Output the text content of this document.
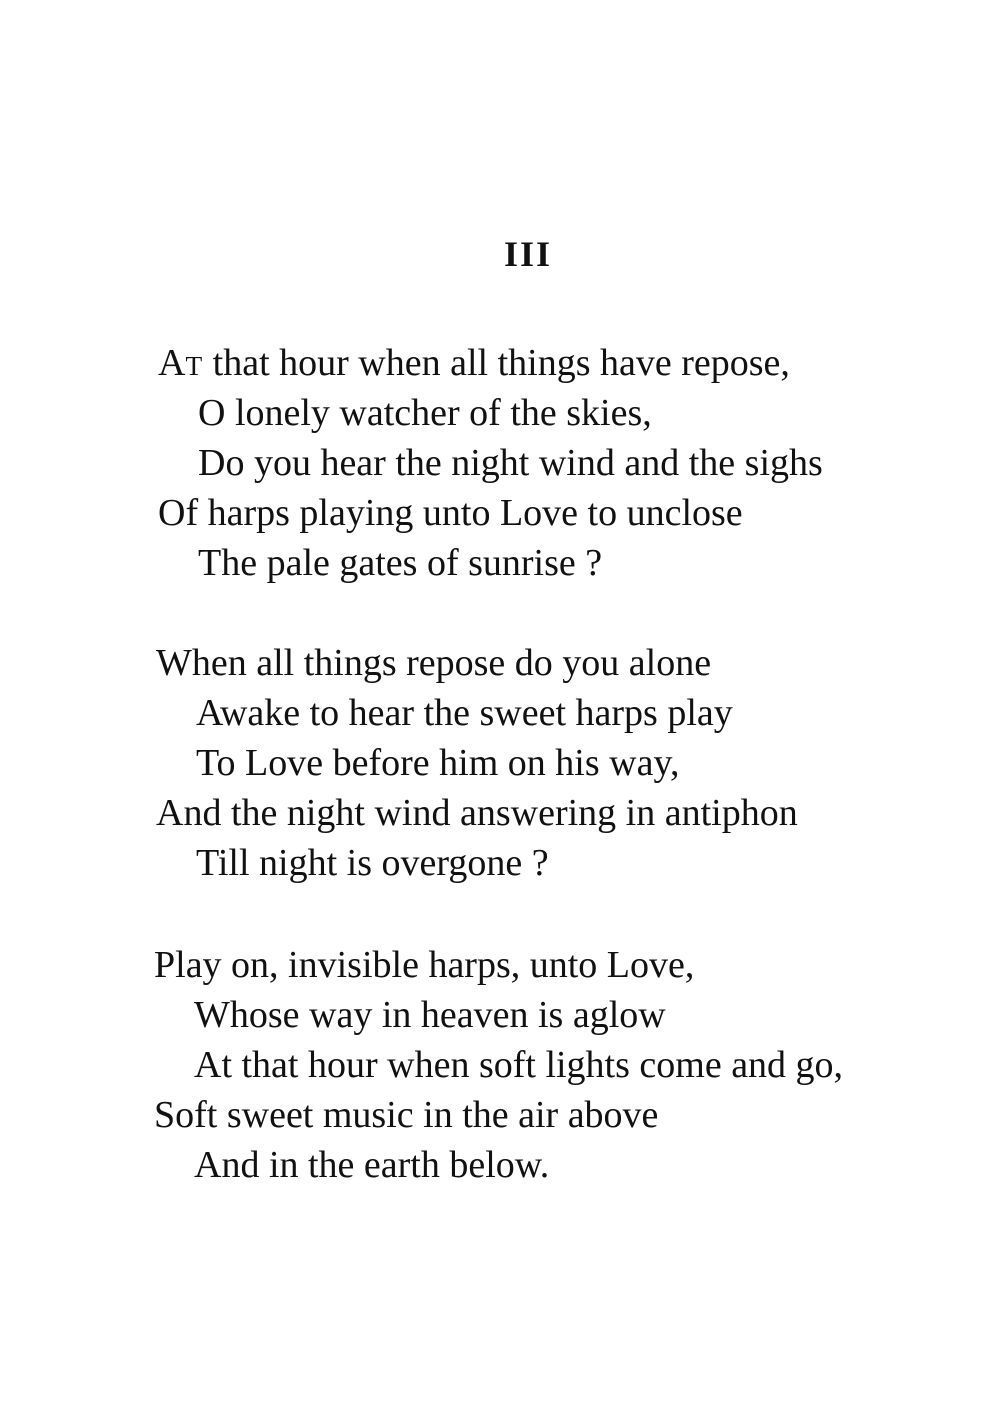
III
AT that hour when all things have repose,
O lonely watcher of the skies,
Do you hear the night wind and the sighs
Of harps playing unto Love to unclose
The pale gates of sunrise ?
When all things repose do you alone
Awake to hear the sweet harps play
To Love before him on his way,
And the night wind answering in antiphon
Till night is overgone ?
Play on, invisible harps, unto Love,
Whose way in heaven is aglow
At that hour when soft lights come and go,
Soft sweet music in the air above
And in the earth below.
